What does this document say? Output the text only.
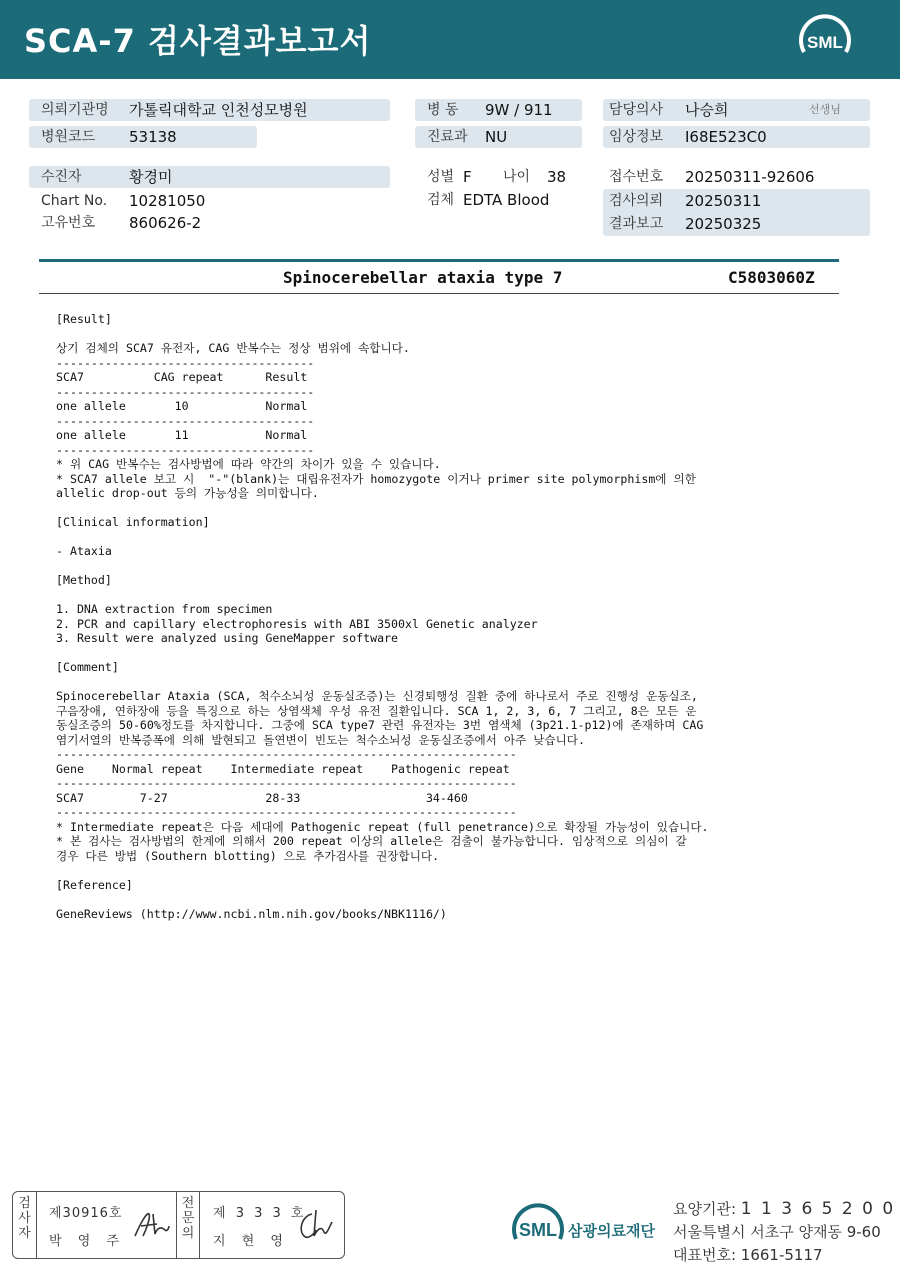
SCA-7 검사결과보고서	SML
의뢰기관명 가톨릭대학교 인천성모병원
병원코드 53138
병 동 9W / 911
진료과 NU
담당의사 나승희	선생님
임상정보 I68E523C0
수진자	황경미
Chart No. 10281050
고유번호 860626-2
성별 F 나이 38
검체 EDTA Blood
접수번호 20250311-92606
검사의뢰 20250311
결과보고 20250325
Spinocerebellar ataxia type 7	C5803060Z
[Result]

상기 검체의 SCA7 유전자, CAG 반복수는 정상 범위에 속합니다.
-------------------------------------
SCA7          CAG repeat      Result
-------------------------------------
one allele       10           Normal
-------------------------------------
one allele       11           Normal
-------------------------------------
* 위 CAG 반복수는 검사방법에 따라 약간의 차이가 있을 수 있습니다.
* SCA7 allele 보고 시  "-"(blank)는 대립유전자가 homozygote 이거나 primer site polymorphism에 의한
allelic drop-out 등의 가능성을 의미합니다.

[Clinical information]

- Ataxia

[Method]

1. DNA extraction from specimen
2. PCR and capillary electrophoresis with ABI 3500xl Genetic analyzer
3. Result were analyzed using GeneMapper software

[Comment]

Spinocerebellar Ataxia (SCA, 척수소뇌성 운동실조증)는 신경퇴행성 질환 중에 하나로서 주로 진행성 운동실조,
구음장애, 연하장애 등을 특징으로 하는 상염색체 우성 유전 질환입니다. SCA 1, 2, 3, 6, 7 그리고, 8은 모든 운
동실조증의 50-60%정도를 차지합니다. 그중에 SCA type7 관련 유전자는 3번 염색체 (3p21.1-p12)에 존재하며 CAG
염기서열의 반복증폭에 의해 발현되고 돌연변이 빈도는 척수소뇌성 운동실조증에서 아주 낮습니다.
------------------------------------------------------------------
Gene    Normal repeat    Intermediate repeat    Pathogenic repeat
------------------------------------------------------------------
SCA7        7-27              28-33                  34-460
------------------------------------------------------------------
* Intermediate repeat은 다음 세대에 Pathogenic repeat (full penetrance)으로 확장될 가능성이 있습니다.
* 본 검사는 검사방법의 한계에 의해서 200 repeat 이상의 allele은 검출이 불가능합니다. 임상적으로 의심이 갈
경우 다른 방법 (Southern blotting) 으로 추가검사를 권장합니다.

[Reference]

GeneReviews (http://www.ncbi.nlm.nih.gov/books/NBK1116/)
검
사
자
제30916호
박 영 주
전
문
의
제 3 3 3 호
지 현 영
SML 삼광의료재단
요양기관: 1 1 3 6 5 2 0 0
서울특별시 서초구 양재동 9-60
대표번호: 1661-5117
